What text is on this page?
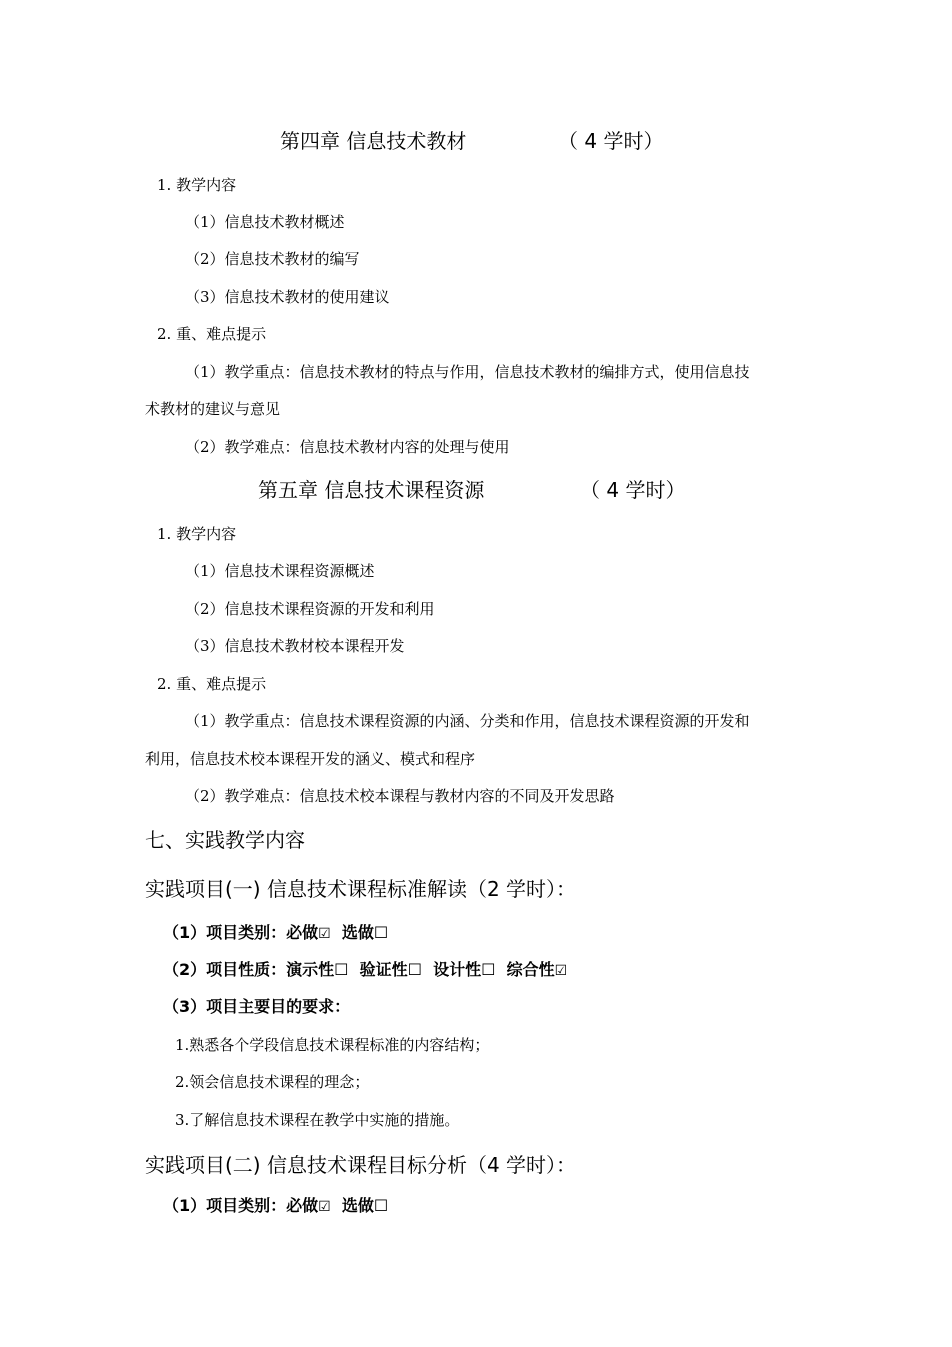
第四章 信息技术教材	（ 4 学时）
1. 教学内容
（1）信息技术教材概述
（2）信息技术教材的编写
（3）信息技术教材的使用建议
2. 重、难点提示
（1）教学重点：信息技术教材的特点与作用，信息技术教材的编排方式，使用信息技
术教材的建议与意见
（2）教学难点：信息技术教材内容的处理与使用
第五章 信息技术课程资源	（ 4 学时）
1. 教学内容
（1）信息技术课程资源概述
（2）信息技术课程资源的开发和利用
（3）信息技术教材校本课程开发
2. 重、难点提示
（1）教学重点：信息技术课程资源的内涵、分类和作用，信息技术课程资源的开发和
利用，信息技术校本课程开发的涵义、模式和程序
（2）教学难点：信息技术校本课程与教材内容的不同及开发思路
七、实践教学内容
实践项目(一) 信息技术课程标准解读（2 学时）：
（1）项目类别：必做☑ 选做☐
（2）项目性质：演示性☐ 验证性☐ 设计性☐ 综合性☑
（3）项目主要目的要求：
1.熟悉各个学段信息技术课程标准的内容结构；
2.领会信息技术课程的理念；
3.了解信息技术课程在教学中实施的措施。
实践项目(二) 信息技术课程目标分析（4 学时）：
（1）项目类别：必做☑ 选做☐
